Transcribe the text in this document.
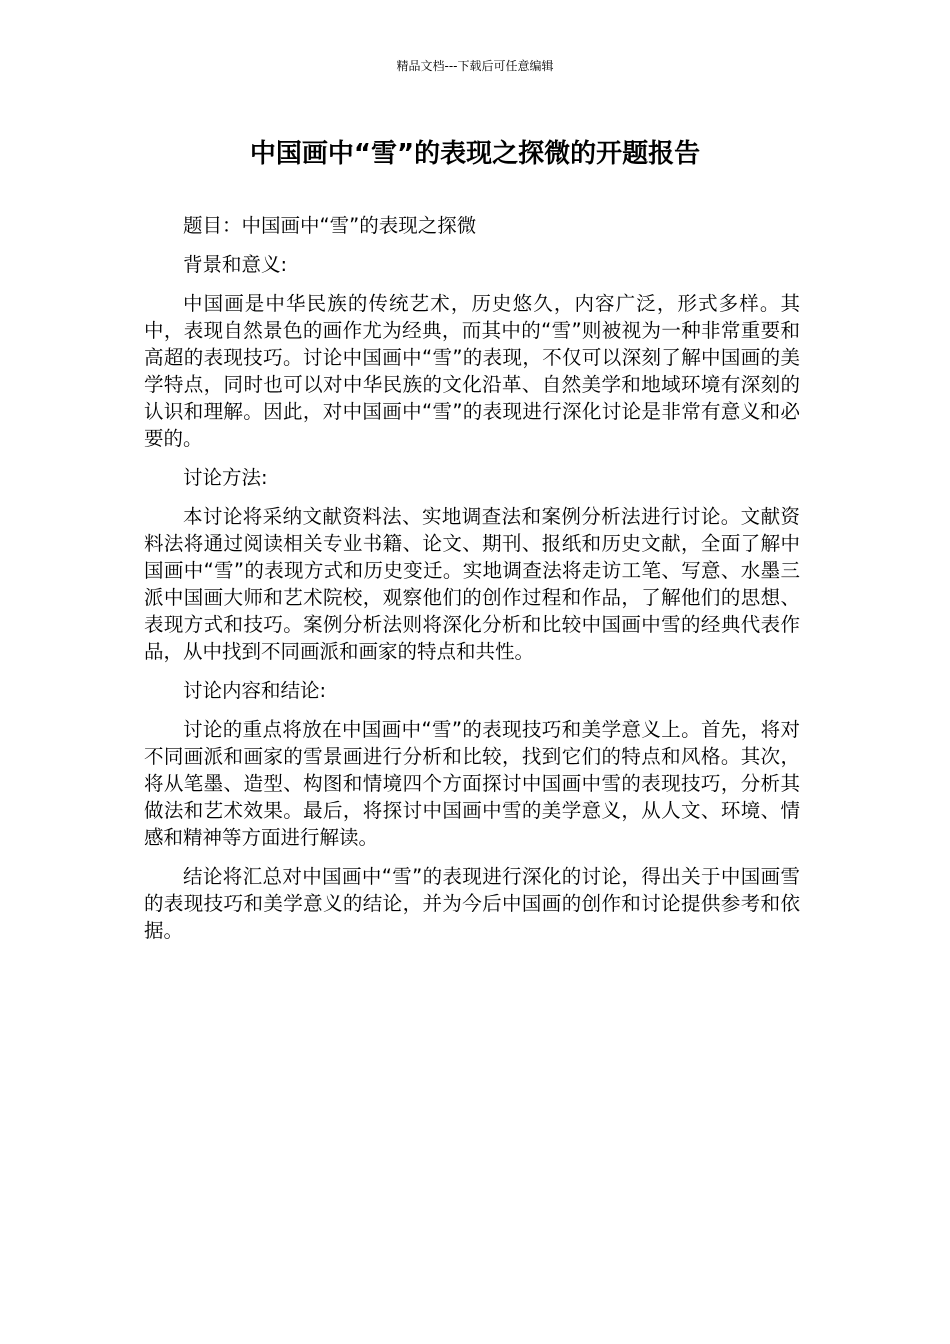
精品文档---下载后可任意编辑
中国画中“雪”的表现之探微的开题报告

题目：中国画中“雪”的表现之探微

背景和意义:

中国画是中华民族的传统艺术，历史悠久，内容广泛，形式多样。其中，表现自然景色的画作尤为经典，而其中的“雪”则被视为一种非常重要和高超的表现技巧。讨论中国画中“雪”的表现，不仅可以深刻了解中国画的美学特点，同时也可以对中华民族的文化沿革、自然美学和地域环境有深刻的认识和理解。因此，对中国画中“雪”的表现进行深化讨论是非常有意义和必要的。

讨论方法:

本讨论将采纳文献资料法、实地调查法和案例分析法进行讨论。文献资料法将通过阅读相关专业书籍、论文、期刊、报纸和历史文献，全面了解中国画中“雪”的表现方式和历史变迁。实地调查法将走访工笔、写意、水墨三派中国画大师和艺术院校，观察他们的创作过程和作品，了解他们的思想、表现方式和技巧。案例分析法则将深化分析和比较中国画中雪的经典代表作品，从中找到不同画派和画家的特点和共性。

讨论内容和结论:

讨论的重点将放在中国画中“雪”的表现技巧和美学意义上。首先，将对不同画派和画家的雪景画进行分析和比较，找到它们的特点和风格。其次，将从笔墨、造型、构图和情境四个方面探讨中国画中雪的表现技巧，分析其做法和艺术效果。最后，将探讨中国画中雪的美学意义，从人文、环境、情感和精神等方面进行解读。

结论将汇总对中国画中“雪”的表现进行深化的讨论，得出关于中国画雪的表现技巧和美学意义的结论，并为今后中国画的创作和讨论提供参考和依据。
